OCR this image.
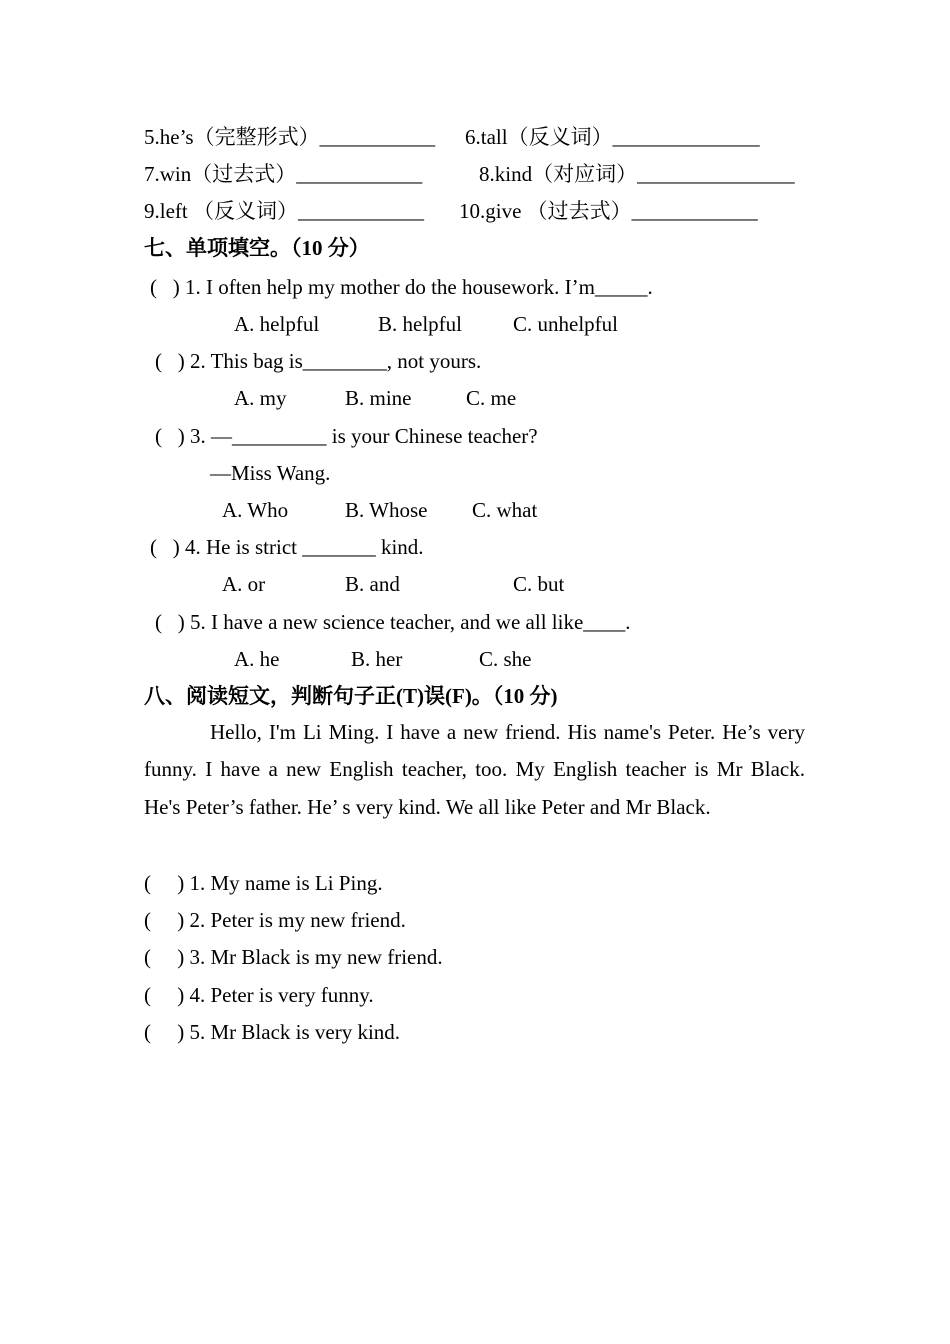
5.he’s（完整形式）___________ 6.tall（反义词）______________
7.win（过去式）____________	8.kind（对应词）_______________
9.left （反义词）____________ 10.give （过去式）____________
七、单项填空。（10 分）
(   ) 1. I often help my mother do the housework. I’m_____.
A. helpful	B. helpful C. unhelpful
(   ) 2. This bag is________, not yours.
A. my	B. mine	C. me
(   ) 3. —_________ is your Chinese teacher?
—Miss Wang.
A. Who	B. Whose C. what
(   ) 4. He is strict _______ kind.
A. or	B. and	C. but
(   ) 5. I have a new science teacher, and we all like____.
A. he	B. her	C. she
八、阅读短文，判断句子正(T)误(F)。（10 分)
Hello, I'm Li Ming. I have a new friend. His name's Peter. He’s very funny. I have a new English teacher, too. My English teacher is Mr Black. He's Peter’s father. He’ s very kind. We all like Peter and Mr Black.
(     ) 1. My name is Li Ping.
(     ) 2. Peter is my new friend.
(     ) 3. Mr Black is my new friend.
(     ) 4. Peter is very funny.
(     ) 5. Mr Black is very kind.
